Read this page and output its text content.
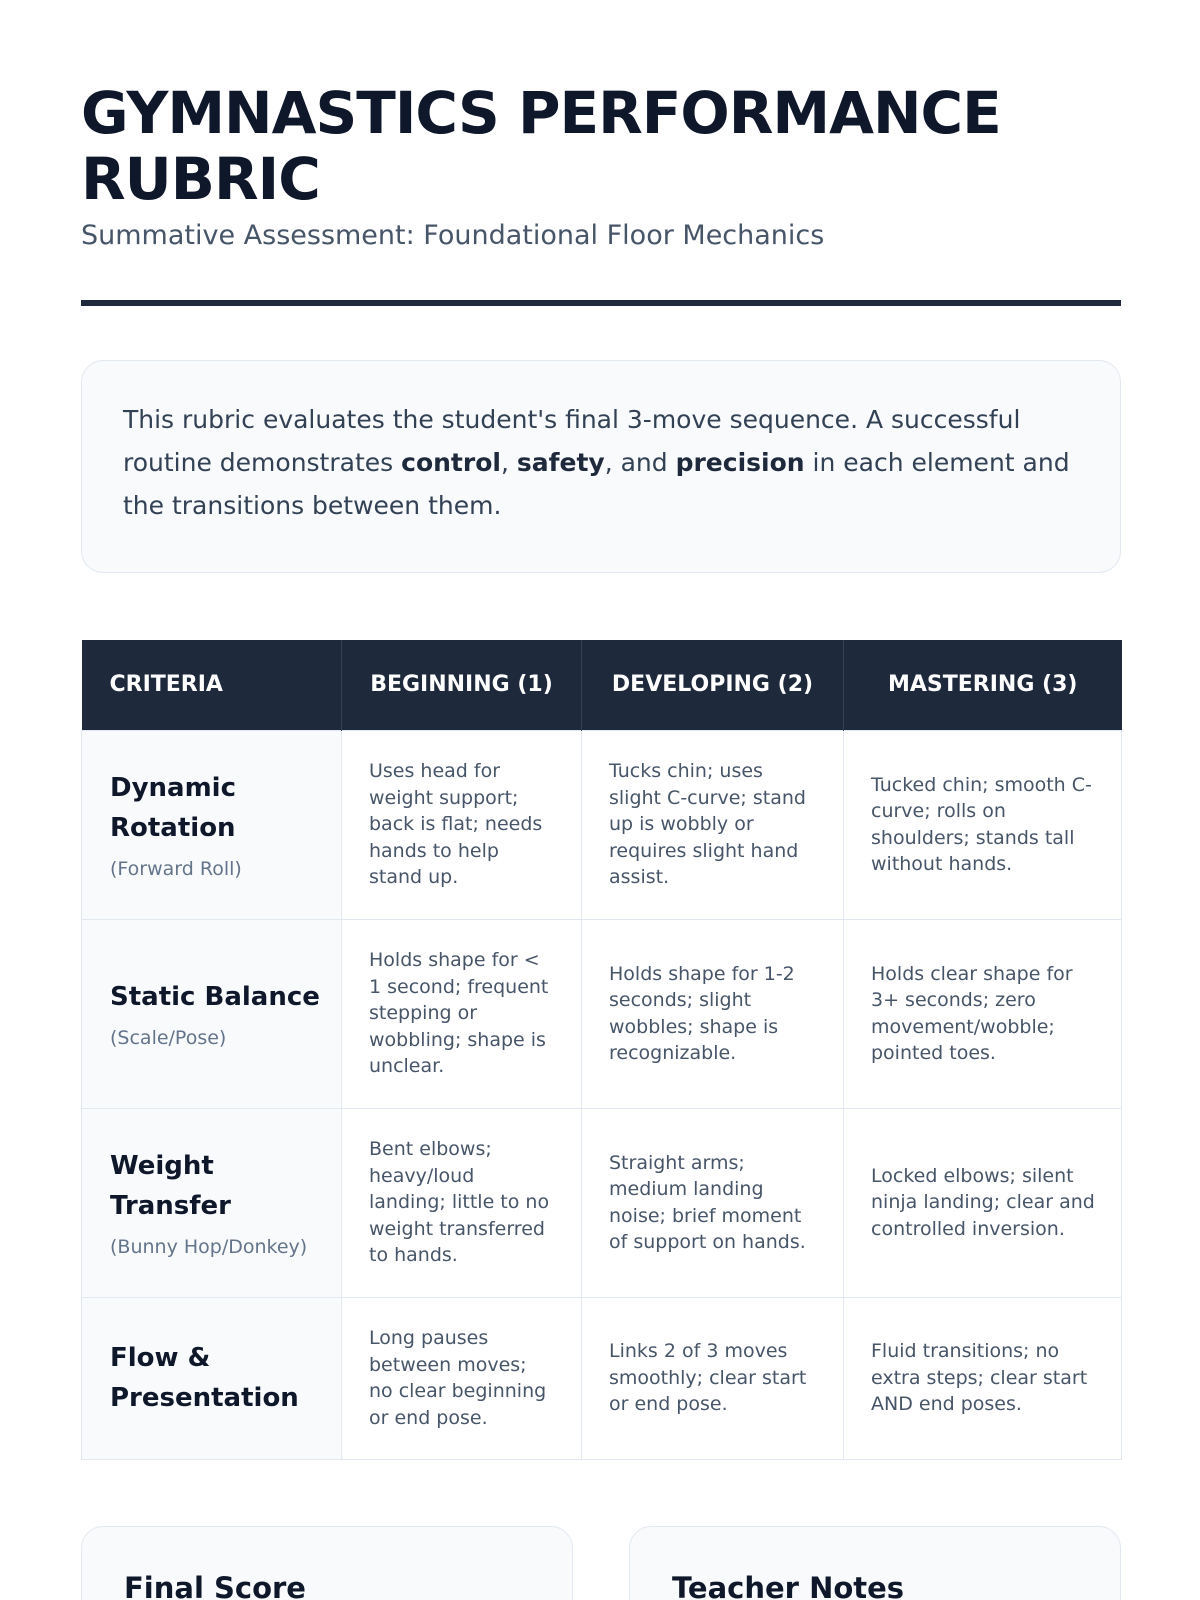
GYMNASTICS PERFORMANCE RUBRIC
Summative Assessment: Foundational Floor Mechanics
This rubric evaluates the student's final 3-move sequence. A successful routine demonstrates control, safety, and precision in each element and the transitions between them.
CRITERIA	BEGINNING (1)	DEVELOPING (2)	MASTERING (3)

Dynamic Rotation
(Forward Roll)	Uses head for weight support; back is flat; needs hands to help stand up.	Tucks chin; uses slight C-curve; stand up is wobbly or requires slight hand assist.	Tucked chin; smooth C-curve; rolls on shoulders; stands tall without hands.

Static Balance
(Scale/Pose)	Holds shape for < 1 second; frequent stepping or wobbling; shape is unclear.	Holds shape for 1-2 seconds; slight wobbles; shape is recognizable.	Holds clear shape for 3+ seconds; zero movement/wobble; pointed toes.

Weight Transfer
(Bunny Hop/Donkey)	Bent elbows; heavy/loud landing; little to no weight transferred to hands.	Straight arms; medium landing noise; brief moment of support on hands.	Locked elbows; silent ninja landing; clear and controlled inversion.

Flow & Presentation	Long pauses between moves; no clear beginning or end pose.	Links 2 of 3 moves smoothly; clear start or end pose.	Fluid transitions; no extra steps; clear start AND end poses.
Final Score	Teacher Notes
